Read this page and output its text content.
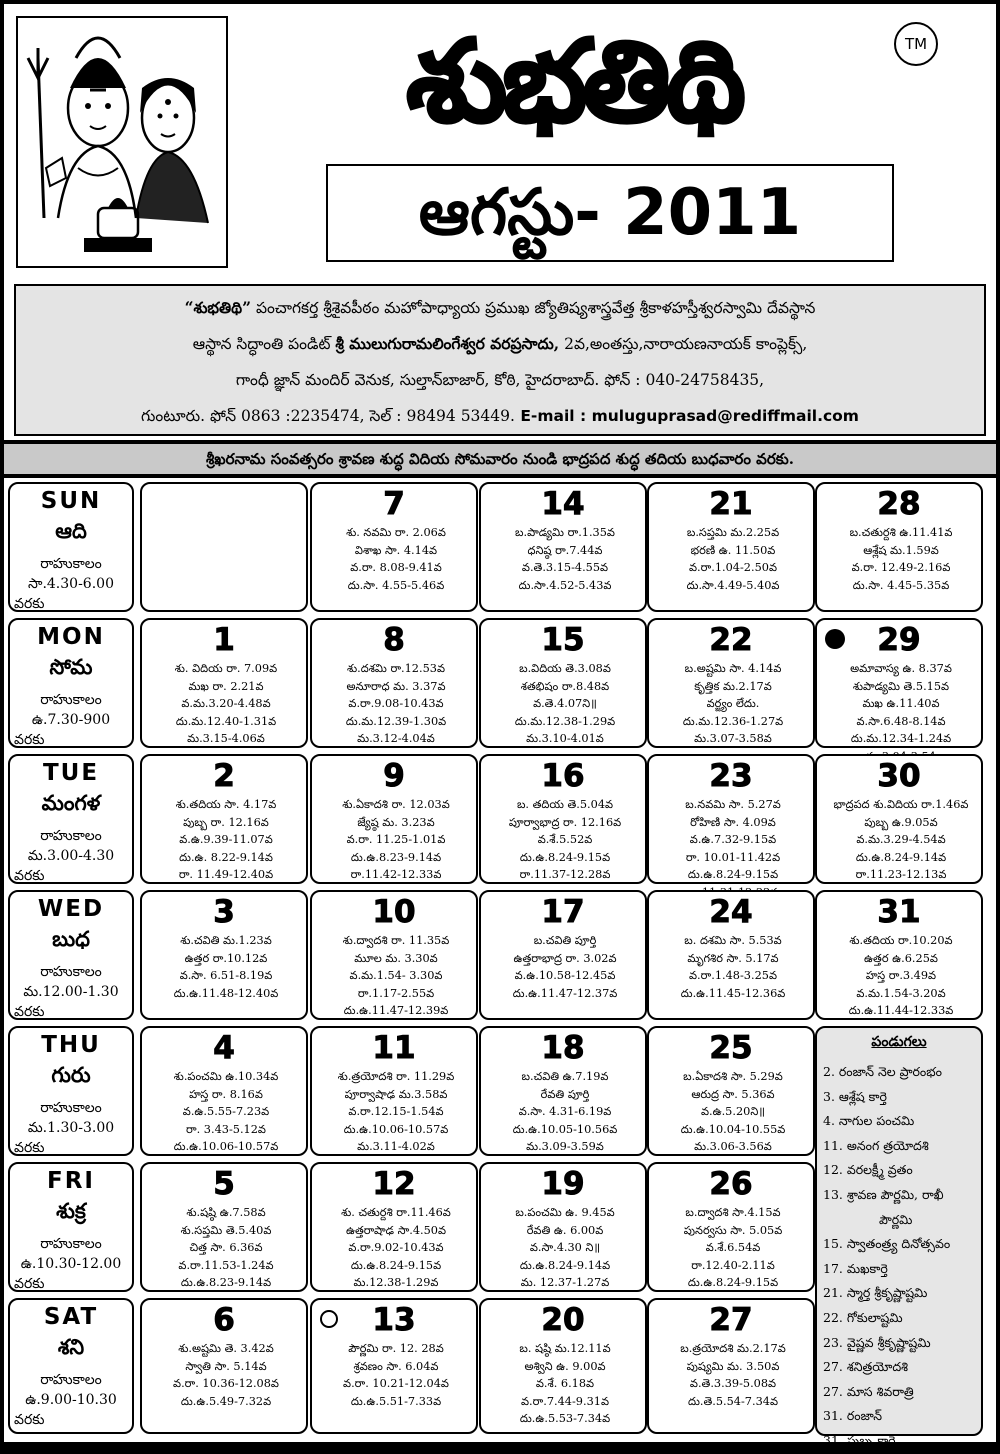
శుభతిథి	TM
ఆగస్టు- 2011
“శుభతిథి” పంచాగకర్త శ్రీశైవపీఠం మహోపాధ్యాయ ప్రముఖ జ్యోతిష్యశాస్త్రవేత్త శ్రీకాళహస్తీశ్వరస్వామి దేవస్థాన
ఆస్థాన సిద్ధాంతి పండిట్ శ్రీ ములుగురామలింగేశ్వర వరప్రసాదు, 2వ,అంతస్తు,నారాయణనాయక్ కాంప్లెక్స్,
గాంధీ జ్ఞాన్ మందిర్ వెనుక, సుల్తాన్‌బాజార్, కోఠి, హైదరాబాద్. ఫోన్ : 040-24758435,
గుంటూరు. ఫోన్ 0863 :2235474, సెల్ : 98494 53449. E-mail : muluguprasad@rediffmail.com
శ్రీఖరనామ సంవత్సరం శ్రావణ శుద్ధ విదియ సోమవారం నుండి భాద్రపద శుద్ధ తదియ బుధవారం వరకు.
SUN
ఆది
రాహుకాలం
సా.4.30-6.00
వరకు
MON
సోమ
రాహుకాలం
ఉ.7.30-900
వరకు
TUE
మంగళ
రాహుకాలం
మ.3.00-4.30
వరకు
WED
బుధ
రాహుకాలం
మ.12.00-1.30
వరకు
THU
గురు
రాహుకాలం
మ.1.30-3.00
వరకు
FRI
శుక్ర
రాహుకాలం
ఉ.10.30-12.00
వరకు
SAT
శని
రాహుకాలం
ఉ.9.00-10.30
వరకు
1
శు. విదియ రా. 7.09వ
మఖ రా. 2.21వ
వ.మ.3.20-4.48వ
దు.మ.12.40-1.31వ
మ.3.15-4.06వ
2
శు.తదియ సా. 4.17వ
పుబ్బ రా. 12.16వ
వ.ఉ.9.39-11.07వ
దు.ఉ. 8.22-9.14వ
రా. 11.49-12.40వ
3
శు.చవితి మ.1.23వ
ఉత్తర రా.10.12వ
వ.సా. 6.51-8.19వ
దు.ఉ.11.48-12.40వ
4
శు.పంచమి ఉ.10.34వ
హస్త రా. 8.16వ
వ.ఉ.5.55-7.23వ
రా. 3.43-5.12వ
దు.ఉ.10.06-10.57వ
5
శు.షష్ఠి ఉ.7.58వ
శు.సప్తమి తె.5.40వ
చిత్త సా. 6.36వ
వ.రా.11.53-1.24వ
దు.ఉ.8.23-9.14వ
6
శు.అష్టమి తె. 3.42వ
స్వాతి సా. 5.14వ
వ.రా. 10.36-12.08వ
దు.ఉ.5.49-7.32వ
7
శు. నవమి రా. 2.06వ
విశాఖ సా. 4.14వ
వ.రా. 8.08-9.41వ
దు.సా. 4.55-5.46వ
8
శు.దశమి రా.12.53వ
అనూరాధ మ. 3.37వ
వ.రా.9.08-10.43వ
దు.మ.12.39-1.30వ
మ.3.12-4.04వ
9
శు.ఏకాదశి రా. 12.03వ
జ్యేష్ఠ మ. 3.23వ
వ.రా. 11.25-1.01వ
దు.ఉ.8.23-9.14వ
రా.11.42-12.33వ
10
శు.ద్వాదశి రా. 11.35వ
మూల మ. 3.30వ
వ.మ.1.54- 3.30వ
రా.1.17-2.55వ
దు.ఉ.11.47-12.39వ
11
శు.త్రయోదశి రా. 11.29వ
పూర్వాషాఢ మ.3.58వ
వ.రా.12.15-1.54వ
దు.ఉ.10.06-10.57వ
మ.3.11-4.02వ
12
శు. చతుర్దశి రా.11.46వ
ఉత్తరాషాఢ సా.4.50వ
వ.రా.9.02-10.43వ
దు.ఉ.8.24-9.15వ
మ.12.38-1.29వ
13
పౌర్ణమి రా. 12. 28వ
శ్రవణం సా. 6.04వ
వ.రా. 10.21-12.04వ
దు.ఉ.5.51-7.33వ
14
బ.పాడ్యమి రా.1.35వ
ధనిష్ఠ రా.7.44వ
వ.తె.3.15-4.55వ
దు.సా.4.52-5.43వ
15
బ.విదియ తె.3.08వ
శతభిషం రా.8.48వ
వ.తె.4.07ని॥
దు.మ.12.38-1.29వ
మ.3.10-4.01వ
16
బ. తదియ తె.5.04వ
పూర్వాభాద్ర రా. 12.16వ
వ.శే.5.52వ
దు.ఉ.8.24-9.15వ
రా.11.37-12.28వ
17
బ.చవితి పూర్తి
ఉత్తరాభాద్ర రా. 3.02వ
వ.ఉ.10.58-12.45వ
దు.ఉ.11.47-12.37వ
18
బ.చవితి ఉ.7.19వ
రేవతి పూర్తి
వ.సా. 4.31-6.19వ
దు.ఉ.10.05-10.56వ
మ.3.09-3.59వ
19
బ.పంచమి ఉ. 9.45వ
రేవతి ఉ. 6.00వ
వ.సా.4.30 ని॥
దు.ఉ.8.24-9.14వ
మ. 12.37-1.27వ
20
బ. షష్ఠి మ.12.11వ
అశ్విని ఉ. 9.00వ
వ.శే. 6.18వ
వ.రా.7.44-9.31వ
దు.ఉ.5.53-7.34వ
21
బ.సప్తమి మ.2.25వ
భరణి ఉ. 11.50వ
వ.రా.1.04-2.50వ
దు.సా.4.49-5.40వ
22
బ.అష్టమి సా. 4.14వ
కృత్తిక మ.2.17వ
వర్జ్యం లేదు.
దు.మ.12.36-1.27వ
మ.3.07-3.58వ
23
బ.నవమి సా. 5.27వ
రోహిణి సా. 4.09వ
వ.ఉ.7.32-9.15వ
రా. 10.01-11.42వ
దు.ఉ.8.24-9.15వ
24
బ. దశమి సా. 5.53వ
మృగశిర సా. 5.17వ
వ.రా.1.48-3.25వ
దు.ఉ.11.45-12.36వ
25
బ.ఏకాదశి సా. 5.29వ
ఆరుద్ర సా. 5.36వ
వ.ఉ.5.20ని॥
దు.ఉ.10.04-10.55వ
మ.3.06-3.56వ
26
బ.ద్వాదశి సా.4.15వ
పునర్వసు సా. 5.05వ
వ.శే.6.54వ
రా.12.40-2.11వ
దు.ఉ.8.24-9.15వ
27
బ.త్రయోదశి మ.2.17వ
పుష్యమి మ. 3.50వ
వ.తె.3.39-5.08వ
దు.తె.5.54-7.34వ
28
బ.చతుర్దశి ఉ.11.41వ
ఆశ్లేష మ.1.59వ
వ.రా. 12.49-2.16వ
దు.సా. 4.45-5.35వ
29
అమావాస్య ఉ. 8.37వ
శుపాడ్యమి తె.5.15వ
మఖ ఉ.11.40వ
వ.సా.6.48-8.14వ
దు.మ.12.34-1.24వ
30
భాద్రపద శు.విదియ రా.1.46వ
పుబ్బ ఉ.9.05వ
వ.మ.3.29-4.54వ
దు.ఉ.8.24-9.14వ
రా.11.23-12.13వ
31
శు.తదియ రా.10.20వ
ఉత్తర ఉ.6.25వ
హస్త రా.3.49వ
వ.మ.1.54-3.20వ
దు.ఉ.11.44-12.33వ
పండుగలు
2. రంజాన్ నెల ప్రారంభం
3. ఆశ్లేష కార్తె
4. నాగుల పంచమి
11. అనంగ త్రయోదశి
12. వరలక్ష్మీ వ్రతం
13. శ్రావణ పౌర్ణమి, రాఖీ
పౌర్ణమి
15. స్వాతంత్ర్య దినోత్సవం
17. మఖకార్తె
21. స్మార్త శ్రీకృష్ణాష్టమి
22. గోకులాష్టమి
23. వైష్ణవ శ్రీకృష్ణాష్టమి
27. శనిత్రయోదశి
27. మాస శివరాత్రి
31. రంజాన్
31. పుబ్బ కార్తె
